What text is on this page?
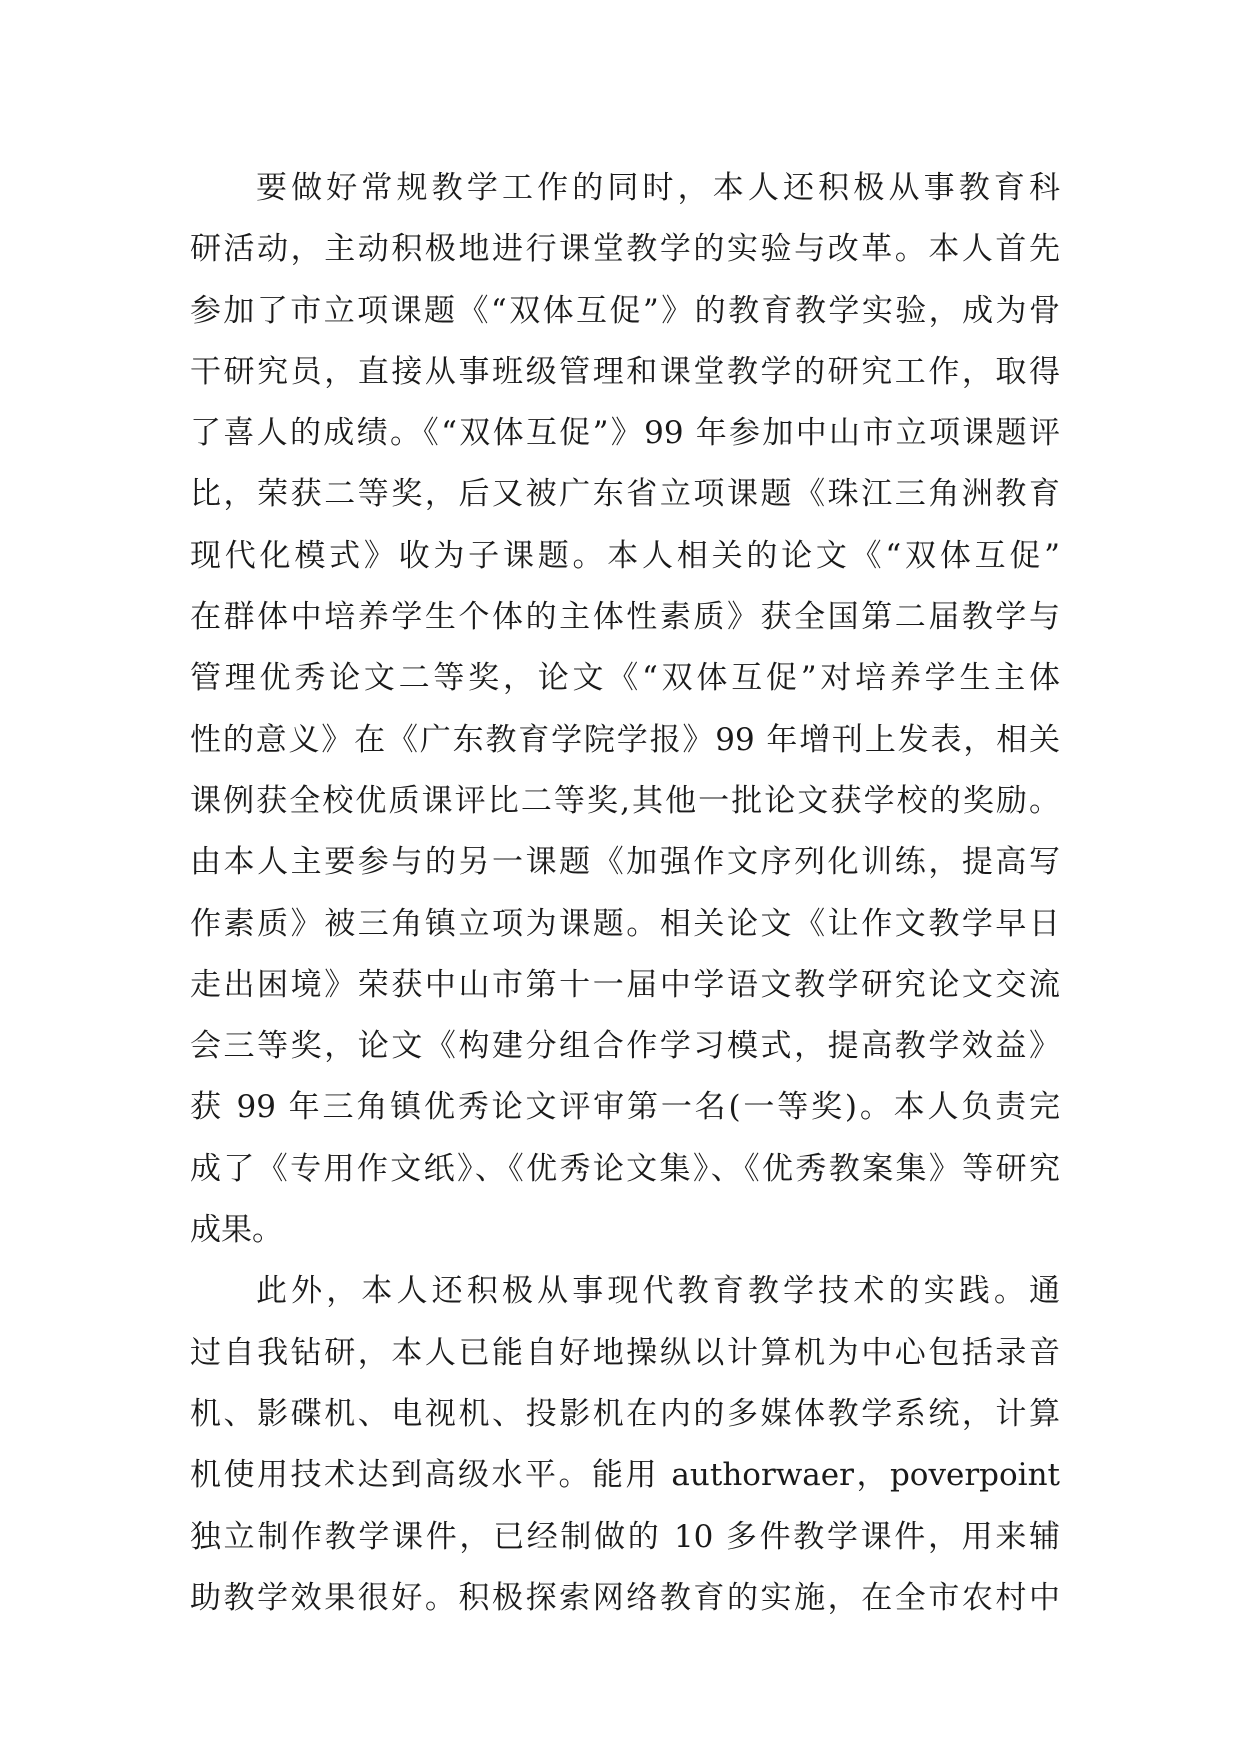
要做好常规教学工作的同时，本人还积极从事教育科
研活动，主动积极地进行课堂教学的实验与改革。本人首先
参加了市立项课题《“双体互促”》的教育教学实验，成为骨
干研究员，直接从事班级管理和课堂教学的研究工作，取得
了喜人的成绩。《“双体互促”》99 年参加中山市立项课题评
比，荣获二等奖，后又被广东省立项课题《珠江三角洲教育
现代化模式》收为子课题。本人相关的论文《“双体互促”
在群体中培养学生个体的主体性素质》获全国第二届教学与
管理优秀论文二等奖，论文《“双体互促”对培养学生主体
性的意义》在《广东教育学院学报》99 年增刊上发表，相关
课例获全校优质课评比二等奖,其他一批论文获学校的奖励。
由本人主要参与的另一课题《加强作文序列化训练，提高写
作素质》被三角镇立项为课题。相关论文《让作文教学早日
走出困境》荣获中山市第十一届中学语文教学研究论文交流
会三等奖，论文《构建分组合作学习模式，提高教学效益》
获 99 年三角镇优秀论文评审第一名(一等奖)。本人负责完
成了《专用作文纸》、《优秀论文集》、《优秀教案集》等研究
成果。
此外，本人还积极从事现代教育教学技术的实践。通
过自我钻研，本人已能自好地操纵以计算机为中心包括录音
机、影碟机、电视机、投影机在内的多媒体教学系统，计算
机使用技术达到高级水平。能用 authorwaer，poverpoint
独立制作教学课件，已经制做的 10 多件教学课件，用来辅
助教学效果很好。积极探索网络教育的实施，在全市农村中
